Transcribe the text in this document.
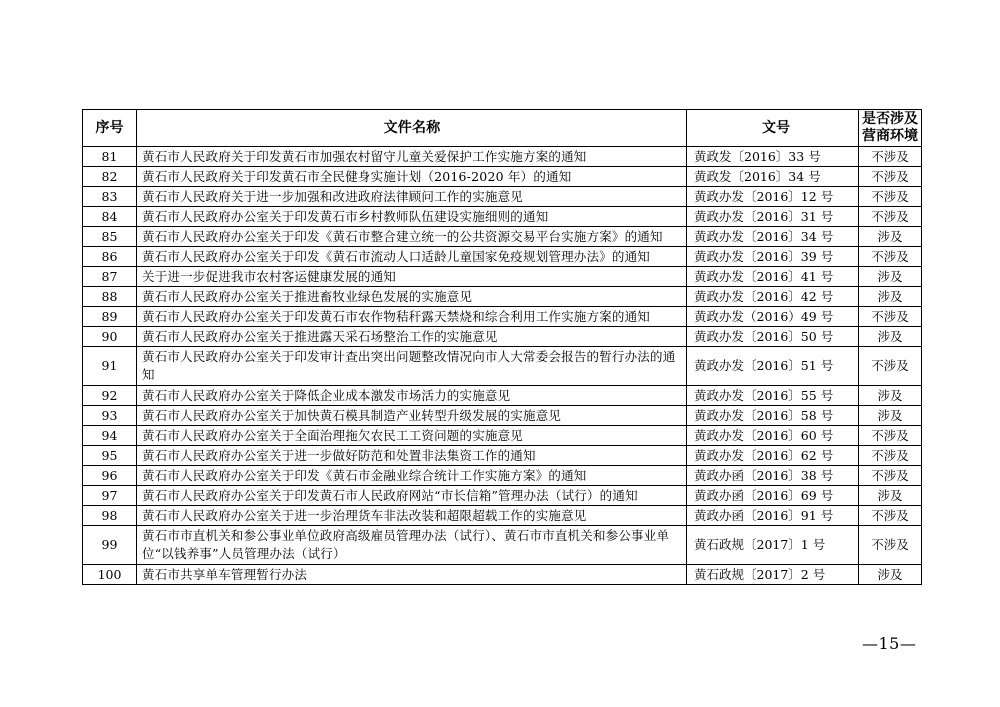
序号	文件名称	文号	是否涉及
营商环境

81	黄石市人民政府关于印发黄石市加强农村留守儿童关爱保护工作实施方案的通知	黄政发〔2016〕33 号	不涉及
82	黄石市人民政府关于印发黄石市全民健身实施计划（2016-2020 年）的通知	黄政发〔2016〕34 号	不涉及
83	黄石市人民政府关于进一步加强和改进政府法律顾问工作的实施意见	黄政办发〔2016〕12 号	不涉及
84	黄石市人民政府办公室关于印发黄石市乡村教师队伍建设实施细则的通知	黄政办发〔2016〕31 号	不涉及
85	黄石市人民政府办公室关于印发《黄石市整合建立统一的公共资源交易平台实施方案》的通知	黄政办发〔2016〕34 号	涉及
86	黄石市人民政府办公室关于印发《黄石市流动人口适龄儿童国家免疫规划管理办法》的通知	黄政办发〔2016〕39 号	不涉及
87	关于进一步促进我市农村客运健康发展的通知	黄政办发〔2016〕41 号	涉及
88	黄石市人民政府办公室关于推进畜牧业绿色发展的实施意见	黄政办发〔2016〕42 号	涉及
89	黄石市人民政府办公室关于印发黄石市农作物秸秆露天禁烧和综合利用工作实施方案的通知	黄政办发（2016）49 号	不涉及
90	黄石市人民政府办公室关于推进露天采石场整治工作的实施意见	黄政办发〔2016〕50 号	涉及
91	黄石市人民政府办公室关于印发审计查出突出问题整改情况向市人大常委会报告的暂行办法的通知	黄政办发〔2016〕51 号	不涉及
92	黄石市人民政府办公室关于降低企业成本激发市场活力的实施意见	黄政办发〔2016〕55 号	涉及
93	黄石市人民政府办公室关于加快黄石模具制造产业转型升级发展的实施意见	黄政办发〔2016〕58 号	涉及
94	黄石市人民政府办公室关于全面治理拖欠农民工工资问题的实施意见	黄政办发〔2016〕60 号	不涉及
95	黄石市人民政府办公室关于进一步做好防范和处置非法集资工作的通知	黄政办发〔2016〕62 号	不涉及
96	黄石市人民政府办公室关于印发《黄石市金融业综合统计工作实施方案》的通知	黄政办函〔2016〕38 号	不涉及
97	黄石市人民政府办公室关于印发黄石市人民政府网站“市长信箱”管理办法（试行）的通知	黄政办函〔2016〕69 号	涉及
98	黄石市人民政府办公室关于进一步治理货车非法改装和超限超载工作的实施意见	黄政办函〔2016〕91 号	不涉及
99	黄石市市直机关和参公事业单位政府高级雇员管理办法（试行）、黄石市市直机关和参公事业单位“以钱养事”人员管理办法（试行）	黄石政规〔2017〕1 号	不涉及
100	黄石市共享单车管理暂行办法	黄石政规〔2017〕2 号	涉及
—15—
